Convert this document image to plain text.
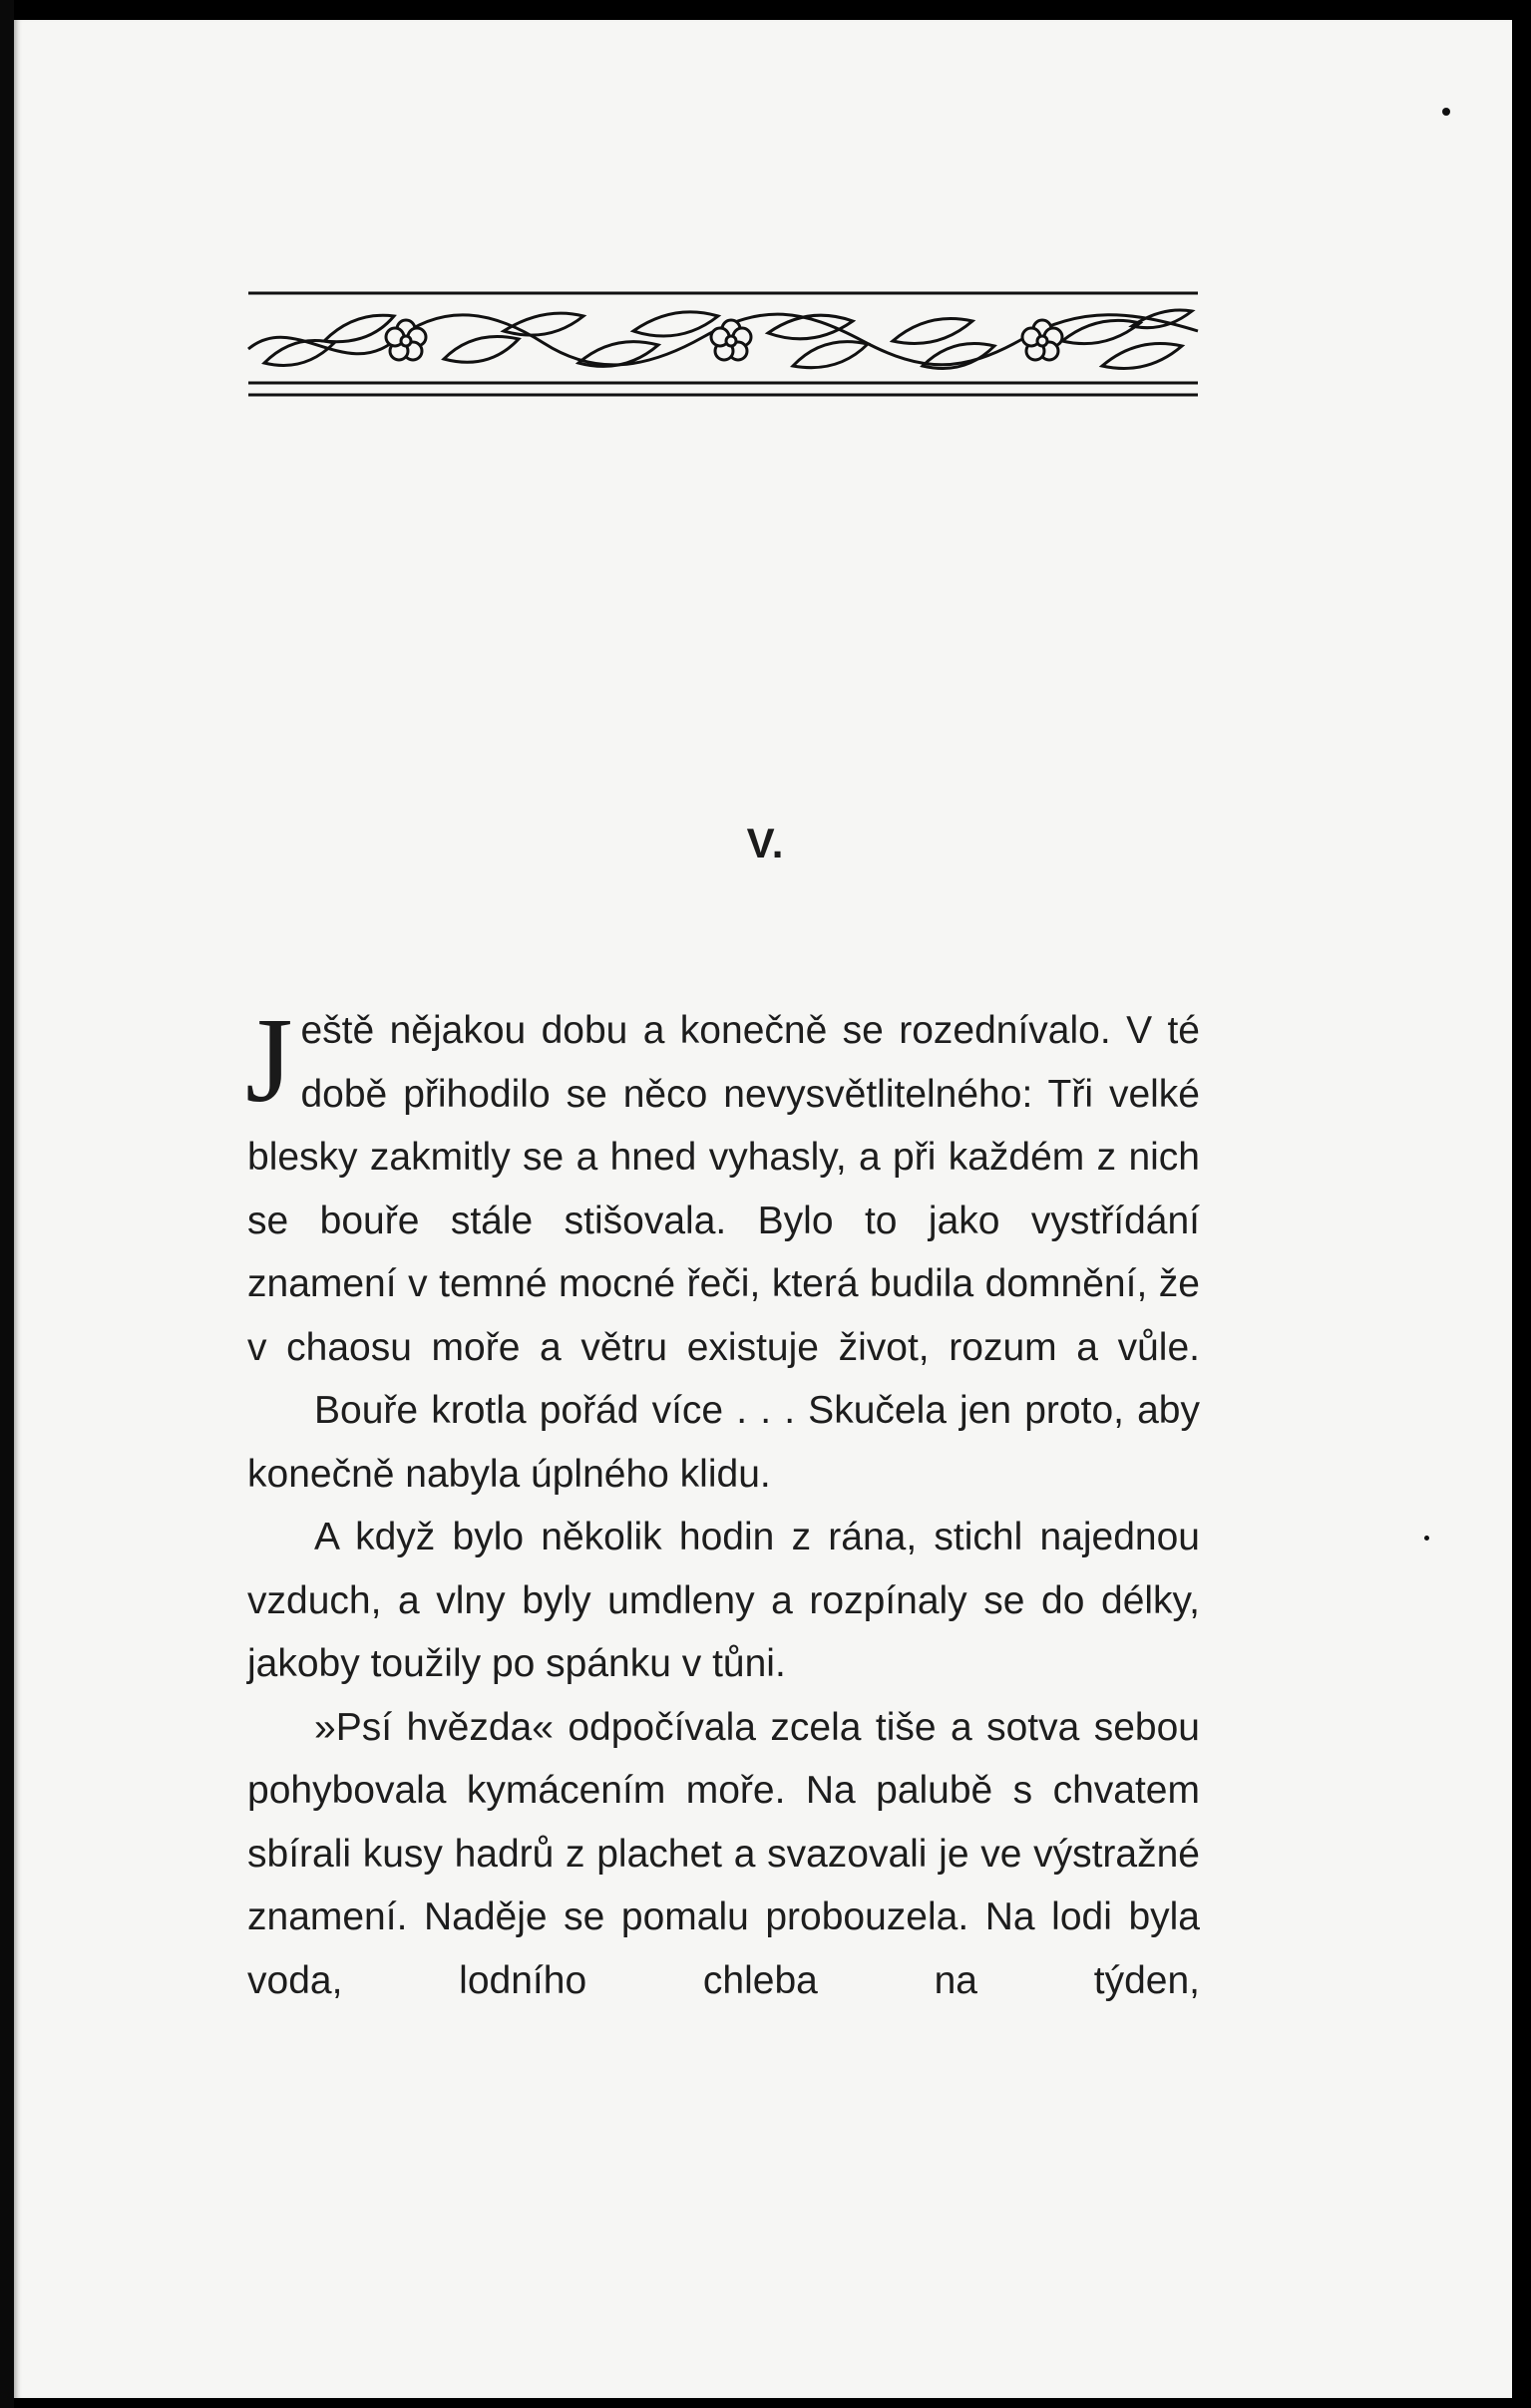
V.

Ještě nějakou dobu a konečně se rozednívalo. V té době přihodilo se něco nevysvětlitelného: Tři velké blesky zakmitly se a hned vyhasly, a při každém z nich se bouře stále stišovala. Bylo to jako vystřídání znamení v temné mocné řeči, která budila domnění, že v chaosu moře a větru existuje život, rozum a vůle.

Bouře krotla pořád více . . . Skučela jen proto, aby konečně nabyla úplného klidu.

A když bylo několik hodin z rána, stichl najednou vzduch, a vlny byly umdleny a rozpínaly se do délky, jakoby toužily po spánku v tůni.

»Psí hvězda« odpočívala zcela tiše a sotva sebou pohybovala kymácením moře. Na palubě s chvatem sbírali kusy hadrů z plachet a svazovali je ve výstražné znamení. Naděje se pomalu probouzela. Na lodi byla voda, lodního chleba na týden,
